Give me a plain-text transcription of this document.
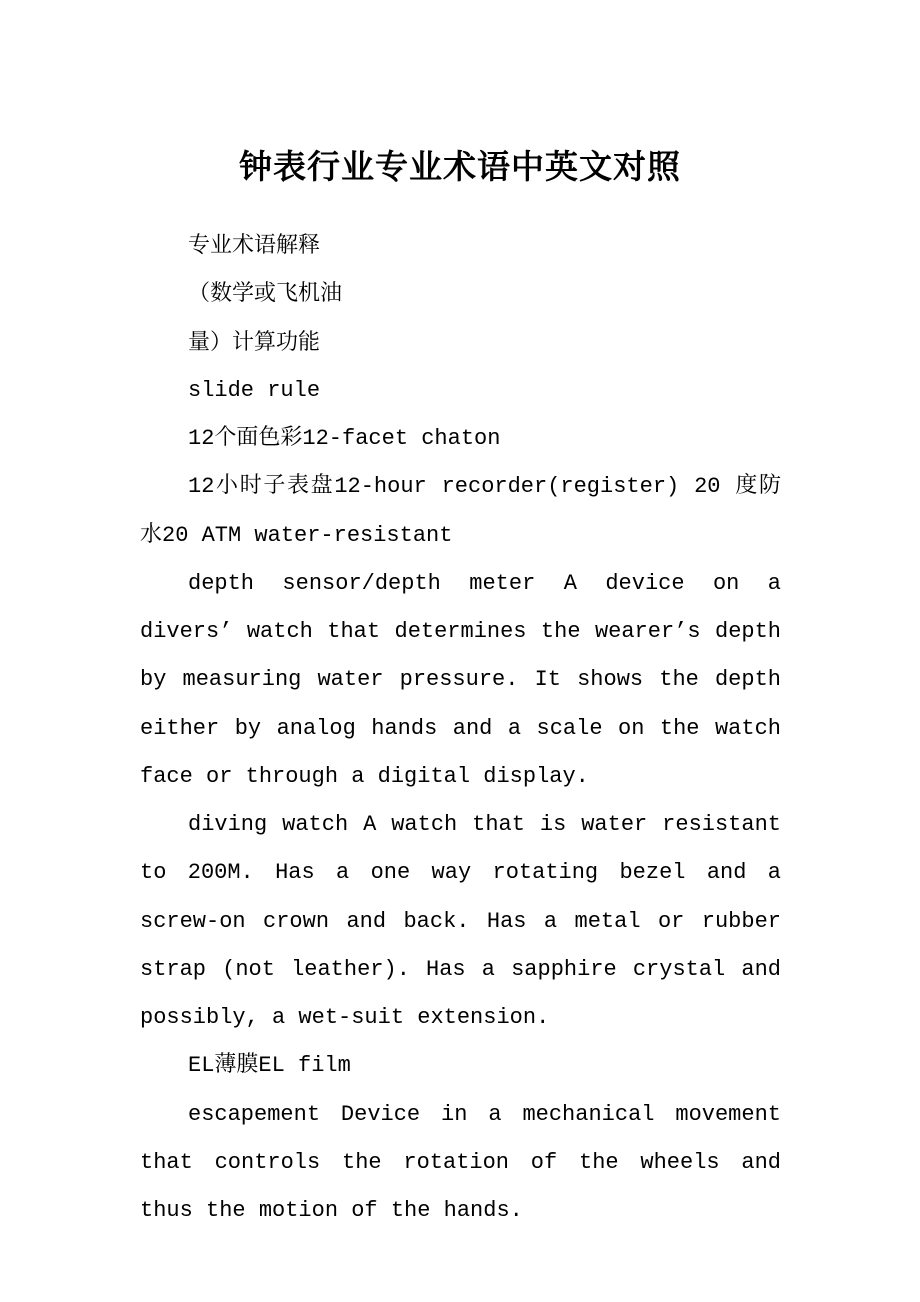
钟表行业专业术语中英文对照

专业术语解释

（数学或飞机油

量）计算功能

slide rule

12个面色彩12-facet chaton

12小时子表盘12-hour recorder(register) 20 度防水20 ATM water-resistant

depth sensor/depth meter A device on a divers’ watch that determines the wearer’s depth by measuring water pressure. It shows the depth either by analog hands and a scale on the watch face or through a digital display.

diving watch A watch that is water resistant to 200M. Has a one way rotating bezel and a screw-on crown and back. Has a metal or rubber strap (not leather). Has a sapphire crystal and possibly, a wet-suit extension.

EL薄膜EL film

escapement Device in a mechanical movement that controls the rotation of the wheels and thus the motion of the hands.
